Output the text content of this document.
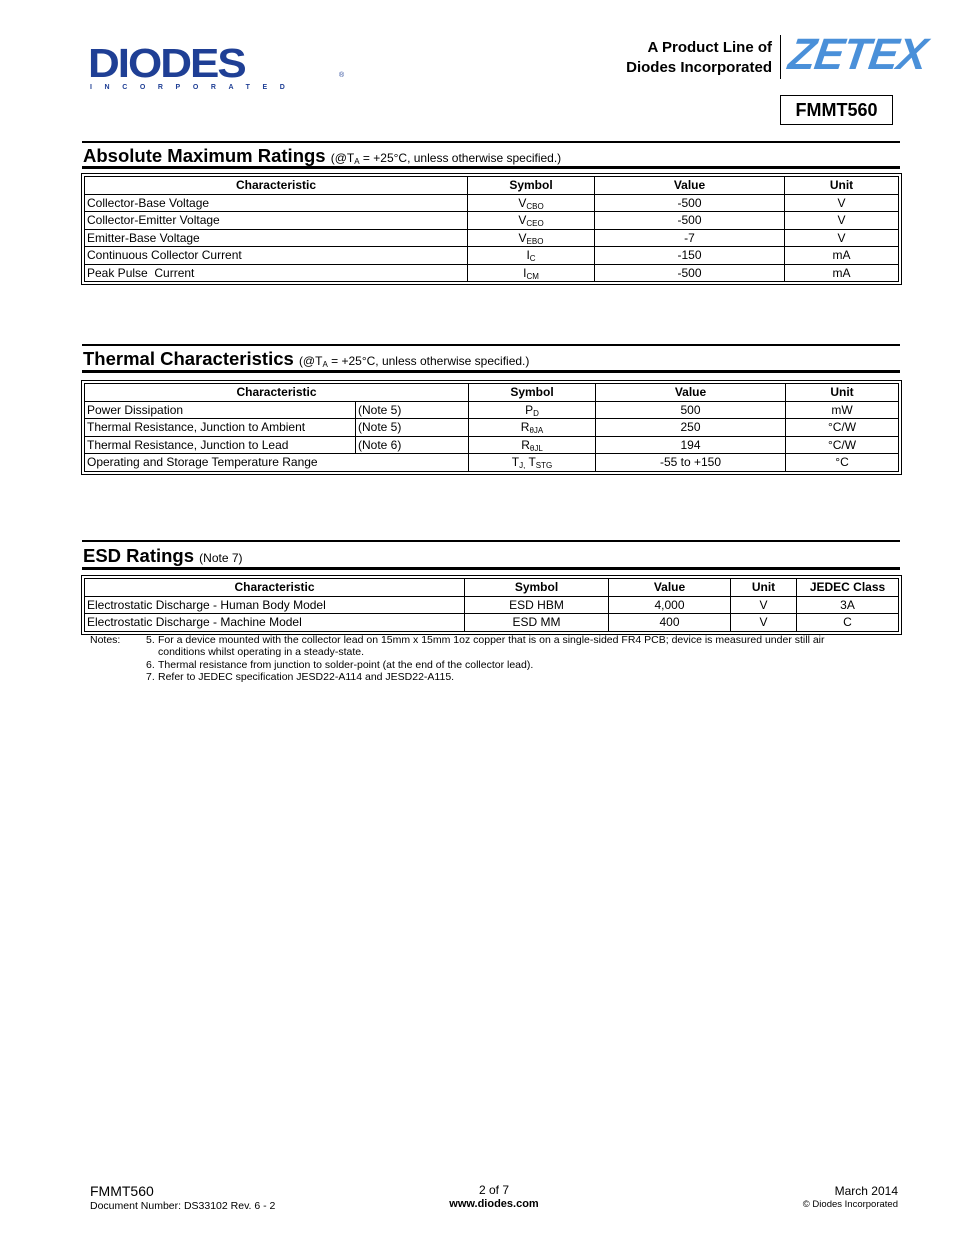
DIODES
INCORPORATED
®
A Product Line of
Diodes Incorporated ZETEX
FMMT560
Absolute Maximum Ratings ($@T_A = +25^\circ C$, unless otherwise specified.)
Characteristic	Symbol	Value	Unit
Collector-Base Voltage	$V_{CBO}$	-500	V
Collector-Emitter Voltage	$V_{CEO}$	-500	V
Emitter-Base Voltage	$V_{EBO}$	-7	V
Continuous Collector Current	$I_C$	-150	mA
Peak Pulse  Current	$I_{CM}$	-500	mA
Thermal Characteristics ($@T_A = +25^\circ C$, unless otherwise specified.)
Characteristic		Symbol	Value	Unit
Power Dissipation	(Note 5)	$P_D$	500	mW
Thermal Resistance, Junction to Ambient	(Note 5)	$R_{\theta JA}$	250	°C/W
Thermal Resistance, Junction to Lead	(Note 6)	$R_{\theta JL}$	194	°C/W
Operating and Storage Temperature Range		$T_{J,}$ $T_{STG}$	-55 to +150	°C
ESD Ratings (Note 7)
Characteristic	Symbol	Value	Unit	JEDEC Class
Electrostatic Discharge - Human Body Model	ESD HBM	4,000	V	3A
Electrostatic Discharge - Machine Model	ESD MM	400	V	C
Notes: 5. For a device mounted with the collector lead on 15mm x 15mm 1oz copper that is on a single-sided FR4 PCB; device is measured under still air conditions whilst operating in a steady-state.
6. Thermal resistance from junction to solder-point (at the end of the collector lead).
7. Refer to JEDEC specification JESD22-A114 and JESD22-A115.
FMMT560
Document Number: DS33102 Rev. 6 - 2
2 of 7
www.diodes.com
March 2014
© Diodes Incorporated
